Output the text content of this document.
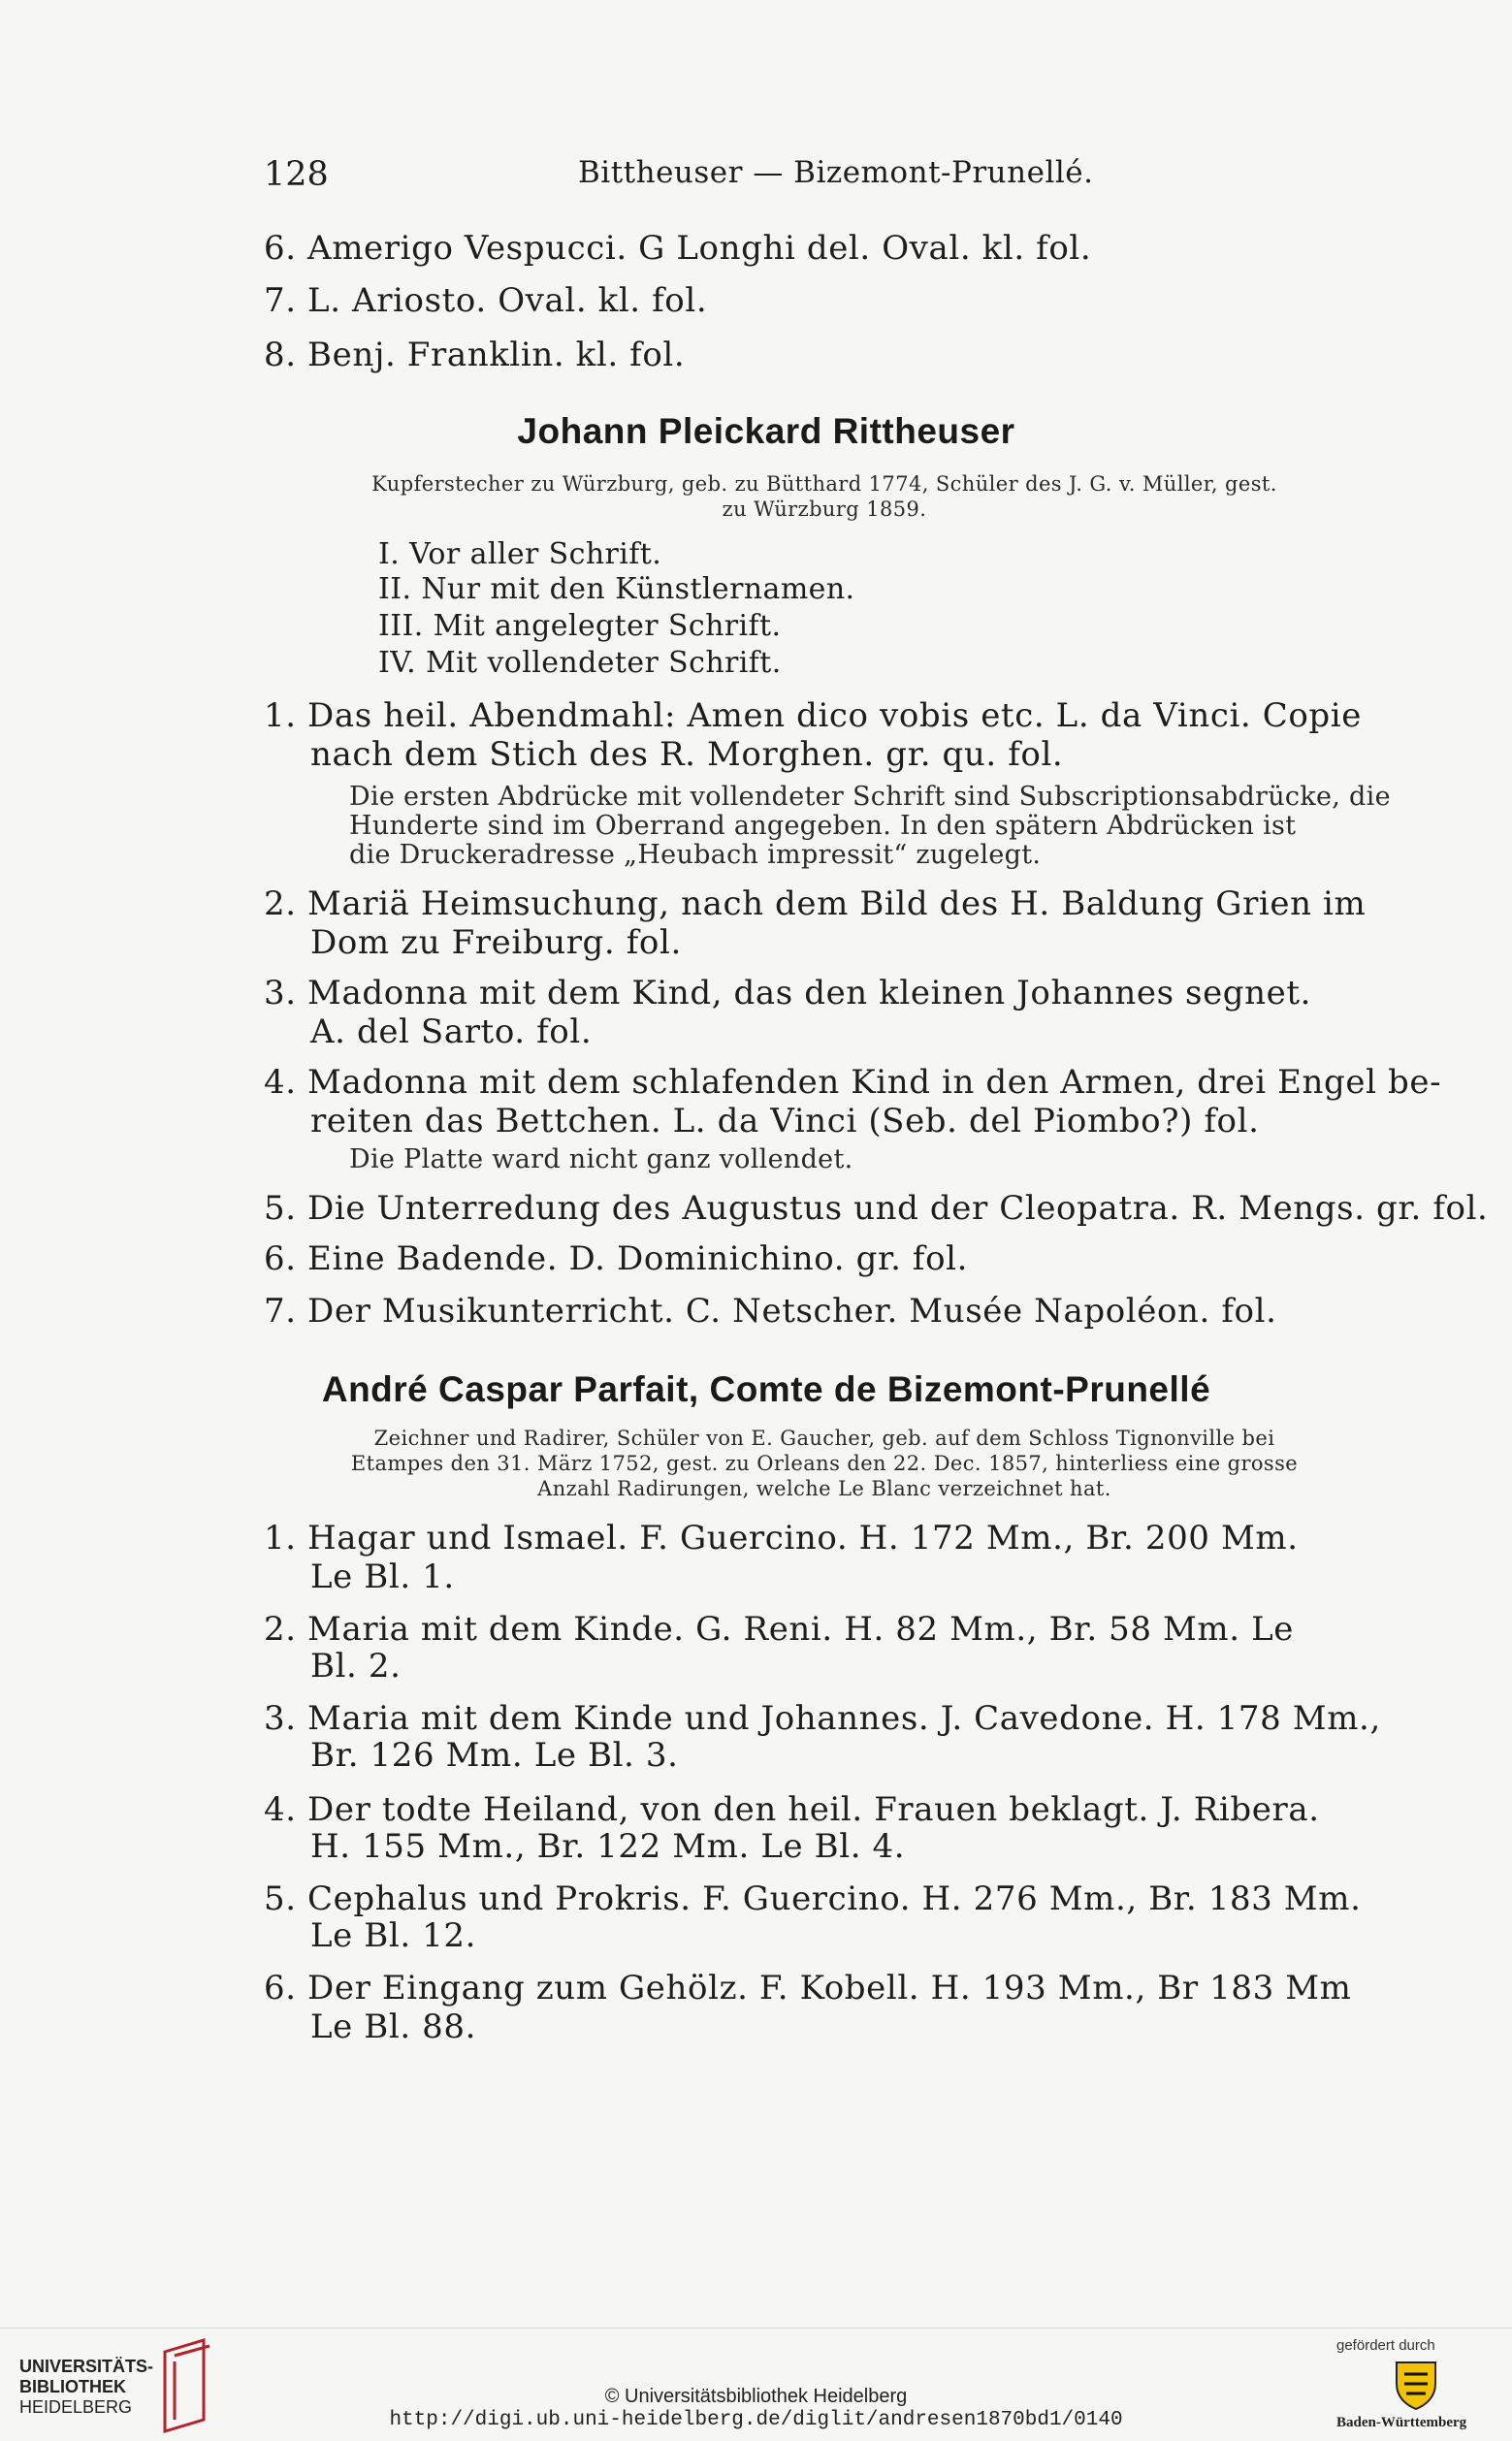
128	Bittheuser — Bizemont-Prunellé.
6. Amerigo Vespucci. G Longhi del. Oval. kl. fol.
7. L. Ariosto. Oval. kl. fol.
8. Benj. Franklin. kl. fol.
Johann Pleickard Rittheuser
Kupferstecher zu Würzburg, geb. zu Bütthard 1774, Schüler des J. G. v. Müller, gest.
zu Würzburg 1859.
I. Vor aller Schrift.
II. Nur mit den Künstlernamen.
III. Mit angelegter Schrift.
IV. Mit vollendeter Schrift.
1. Das heil. Abendmahl: Amen dico vobis etc. L. da Vinci. Copie
nach dem Stich des R. Morghen. gr. qu. fol.
Die ersten Abdrücke mit vollendeter Schrift sind Subscriptionsabdrücke, die
Hunderte sind im Oberrand angegeben. In den spätern Abdrücken ist
die Druckeradresse „Heubach impressit“ zugelegt.
2. Mariä Heimsuchung, nach dem Bild des H. Baldung Grien im
Dom zu Freiburg. fol.
3. Madonna mit dem Kind, das den kleinen Johannes segnet.
A. del Sarto. fol.
4. Madonna mit dem schlafenden Kind in den Armen, drei Engel be-
reiten das Bettchen. L. da Vinci (Seb. del Piombo?) fol.
Die Platte ward nicht ganz vollendet.
5. Die Unterredung des Augustus und der Cleopatra. R. Mengs. gr. fol.
6. Eine Badende. D. Dominichino. gr. fol.
7. Der Musikunterricht. C. Netscher. Musée Napoléon. fol.
André Caspar Parfait, Comte de Bizemont-Prunellé
Zeichner und Radirer, Schüler von E. Gaucher, geb. auf dem Schloss Tignonville bei
Etampes den 31. März 1752, gest. zu Orleans den 22. Dec. 1857, hinterliess eine grosse
Anzahl Radirungen, welche Le Blanc verzeichnet hat.
1. Hagar und Ismael. F. Guercino. H. 172 Mm., Br. 200 Mm.
Le Bl. 1.
2. Maria mit dem Kinde. G. Reni. H. 82 Mm., Br. 58 Mm. Le
Bl. 2.
3. Maria mit dem Kinde und Johannes. J. Cavedone. H. 178 Mm.,
Br. 126 Mm. Le Bl. 3.
4. Der todte Heiland, von den heil. Frauen beklagt. J. Ribera.
H. 155 Mm., Br. 122 Mm. Le Bl. 4.
5. Cephalus und Prokris. F. Guercino. H. 276 Mm., Br. 183 Mm.
Le Bl. 12.
6. Der Eingang zum Gehölz. F. Kobell. H. 193 Mm., Br 183 Mm
Le Bl. 88.
UNIVERSITÄTS-
BIBLIOTHEK
HEIDELBERG	© Universitätsbibliothek Heidelberg
http://digi.ub.uni-heidelberg.de/diglit/andresen1870bd1/0140
gefördert durch
Baden-Württemberg
